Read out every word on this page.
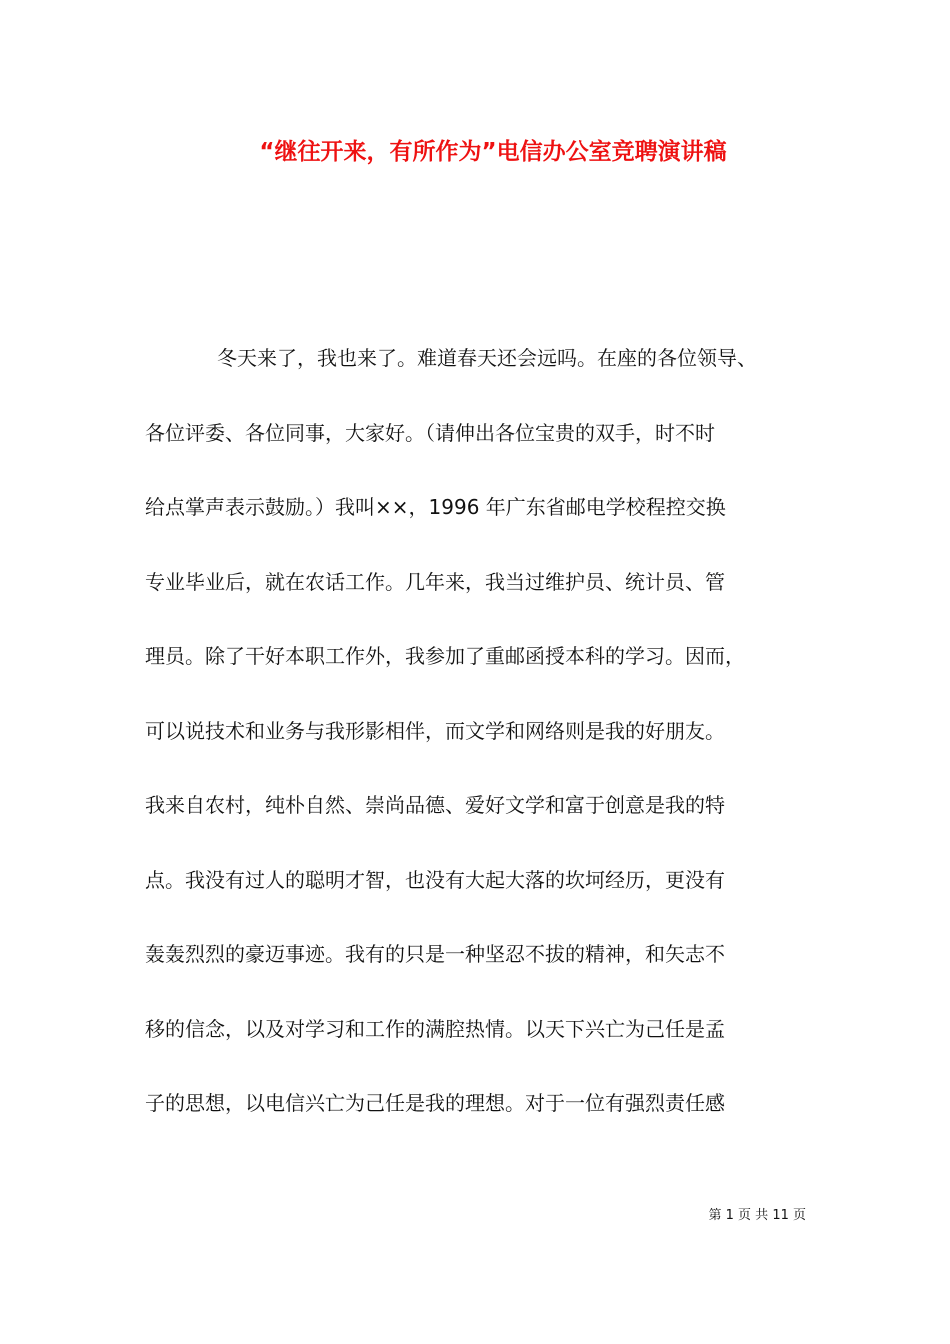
“继往开来，有所作为”电信办公室竞聘演讲稿
冬天来了，我也来了。难道春天还会远吗。在座的各位领导、
各位评委、各位同事，大家好。（请伸出各位宝贵的双手，时不时
给点掌声表示鼓励。）我叫××，1996 年广东省邮电学校程控交换
专业毕业后，就在农话工作。几年来，我当过维护员、统计员、管
理员。除了干好本职工作外，我参加了重邮函授本科的学习。因而，
可以说技术和业务与我形影相伴，而文学和网络则是我的好朋友。
我来自农村，纯朴自然、崇尚品德、爱好文学和富于创意是我的特
点。我没有过人的聪明才智，也没有大起大落的坎坷经历，更没有
轰轰烈烈的豪迈事迹。我有的只是一种坚忍不拔的精神，和矢志不
移的信念，以及对学习和工作的满腔热情。以天下兴亡为己任是孟
子的思想，以电信兴亡为己任是我的理想。对于一位有强烈责任感
第 1 页 共 11 页
